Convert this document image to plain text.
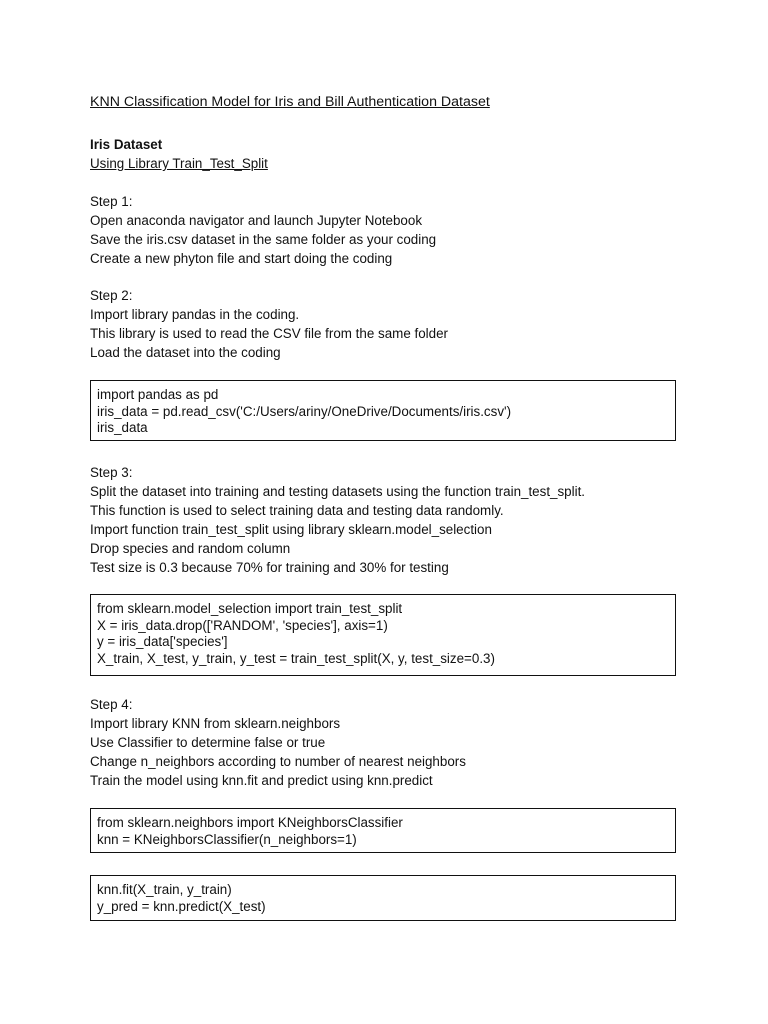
KNN Classification Model for Iris and Bill Authentication Dataset
Iris Dataset
Using Library Train_Test_Split
Step 1:
Open anaconda navigator and launch Jupyter Notebook
Save the iris.csv dataset in the same folder as your coding
Create a new phyton file and start doing the coding
Step 2:
Import library pandas in the coding.
This library is used to read the CSV file from the same folder
Load the dataset into the coding
import pandas as pd
iris_data = pd.read_csv('C:/Users/ariny/OneDrive/Documents/iris.csv')
iris_data
Step 3:
Split the dataset into training and testing datasets using the function train_test_split.
This function is used to select training data and testing data randomly.
Import function train_test_split using library sklearn.model_selection
Drop species and random column
Test size is 0.3 because 70% for training and 30% for testing
from sklearn.model_selection import train_test_split
X = iris_data.drop(['RANDOM', 'species'], axis=1)
y = iris_data['species']
X_train, X_test, y_train, y_test = train_test_split(X, y, test_size=0.3)
Step 4:
Import library KNN from sklearn.neighbors
Use Classifier to determine false or true
Change n_neighbors according to number of nearest neighbors
Train the model using knn.fit and predict using knn.predict
from sklearn.neighbors import KNeighborsClassifier
knn = KNeighborsClassifier(n_neighbors=1)
knn.fit(X_train, y_train)
y_pred = knn.predict(X_test)
